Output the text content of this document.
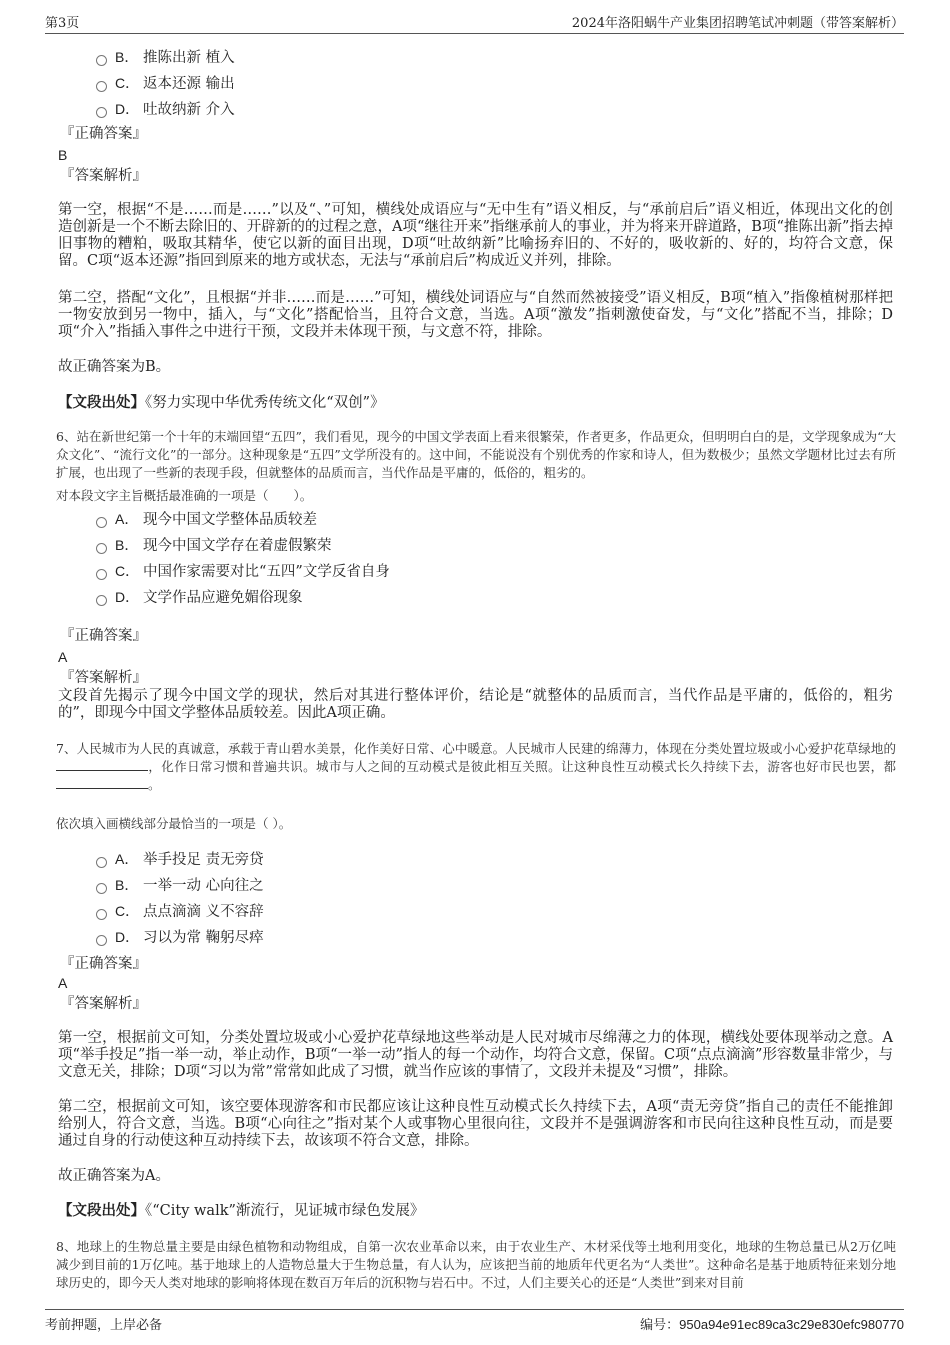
第3页	2024年洛阳蜗牛产业集团招聘笔试冲刺题（带答案解析）
B． 推陈出新 植入
C． 返本还源 输出
D． 吐故纳新 介入
『正确答案』
B
『答案解析』

第一空，根据“不是……而是……”以及“、”可知，横线处成语应与“无中生有”语义相反，与“承前启后”语义相近，体现出文化的创造创新是一个不断去除旧的、开辟新的的过程之意，A项“继往开来”指继承前人的事业，并为将来开辟道路，B项“推陈出新”指去掉旧事物的糟粕，吸取其精华，使它以新的面目出现，D项“吐故纳新”比喻扬弃旧的、不好的，吸收新的、好的，均符合文意，保留。C项“返本还源”指回到原来的地方或状态，无法与“承前启后”构成近义并列，排除。

第二空，搭配“文化”，且根据“并非……而是……”可知，横线处词语应与“自然而然被接受”语义相反，B项“植入”指像植树那样把一物安放到另一物中，插入，与“文化”搭配恰当，且符合文意，当选。A项“激发”指刺激使奋发，与“文化”搭配不当，排除；D项“介入”指插入事件之中进行干预，文段并未体现干预，与文意不符，排除。

故正确答案为B。

【文段出处】《努力实现中华优秀传统文化“双创”》

6、站在新世纪第一个十年的末端回望“五四”，我们看见，现今的中国文学表面上看来很繁荣，作者更多，作品更众，但明明白白的是，文学现象成为“大众文化”、“流行文化”的一部分。这种现象是“五四”文学所没有的。这中间，不能说没有个别优秀的作家和诗人，但为数极少；虽然文学题材比过去有所扩展，也出现了一些新的表现手段，但就整体的品质而言，当代作品是平庸的，低俗的，粗劣的。

对本段文字主旨概括最准确的一项是（　　）。

A． 现今中国文学整体品质较差
B． 现今中国文学存在着虚假繁荣
C． 中国作家需要对比“五四”文学反省自身
D． 文学作品应避免媚俗现象
『正确答案』
A
『答案解析』

文段首先揭示了现今中国文学的现状，然后对其进行整体评价，结论是“就整体的品质而言，当代作品是平庸的，低俗的，粗劣的”，即现今中国文学整体品质较差。因此A项正确。

7、人民城市为人民的真诚意，承载于青山碧水美景，化作美好日常、心中暖意。人民城市人民建的绵薄力，体现在分类处置垃圾或小心爱护花草绿地的，化作日常习惯和普遍共识。城市与人之间的互动模式是彼此相互关照。让这种良性互动模式长久持续下去，游客也好市民也罢，都。

依次填入画横线部分最恰当的一项是（ ）。

A． 举手投足 责无旁贷
B． 一举一动 心向往之
C． 点点滴滴 义不容辞
D． 习以为常 鞠躬尽瘁
『正确答案』
A
『答案解析』

第一空，根据前文可知，分类处置垃圾或小心爱护花草绿地这些举动是人民对城市尽绵薄之力的体现，横线处要体现举动之意。A项“举手投足”指一举一动，举止动作，B项“一举一动”指人的每一个动作，均符合文意，保留。C项“点点滴滴”形容数量非常少，与文意无关，排除；D项“习以为常”常常如此成了习惯，就当作应该的事情了，文段并未提及“习惯”，排除。

第二空，根据前文可知，该空要体现游客和市民都应该让这种良性互动模式长久持续下去，A项“责无旁贷”指自己的责任不能推卸给别人，符合文意，当选。B项“心向往之”指对某个人或事物心里很向往，文段并不是强调游客和市民向往这种良性互动，而是要通过自身的行动使这种互动持续下去，故该项不符合文意，排除。

故正确答案为A。

【文段出处】《“City walk”渐流行，见证城市绿色发展》

8、地球上的生物总量主要是由绿色植物和动物组成，自第一次农业革命以来，由于农业生产、木材采伐等土地利用变化，地球的生物总量已从2万亿吨减少到目前的1万亿吨。基于地球上的人造物总量大于生物总量，有人认为，应该把当前的地质年代更名为“人类世”。这种命名是基于地质特征来划分地球历史的，即今天人类对地球的影响将体现在数百万年后的沉积物与岩石中。不过，人们主要关心的还是“人类世”到来对目前

考前押题，上岸必备	编号：950a94e91ec89ca3c29e830efc980770
